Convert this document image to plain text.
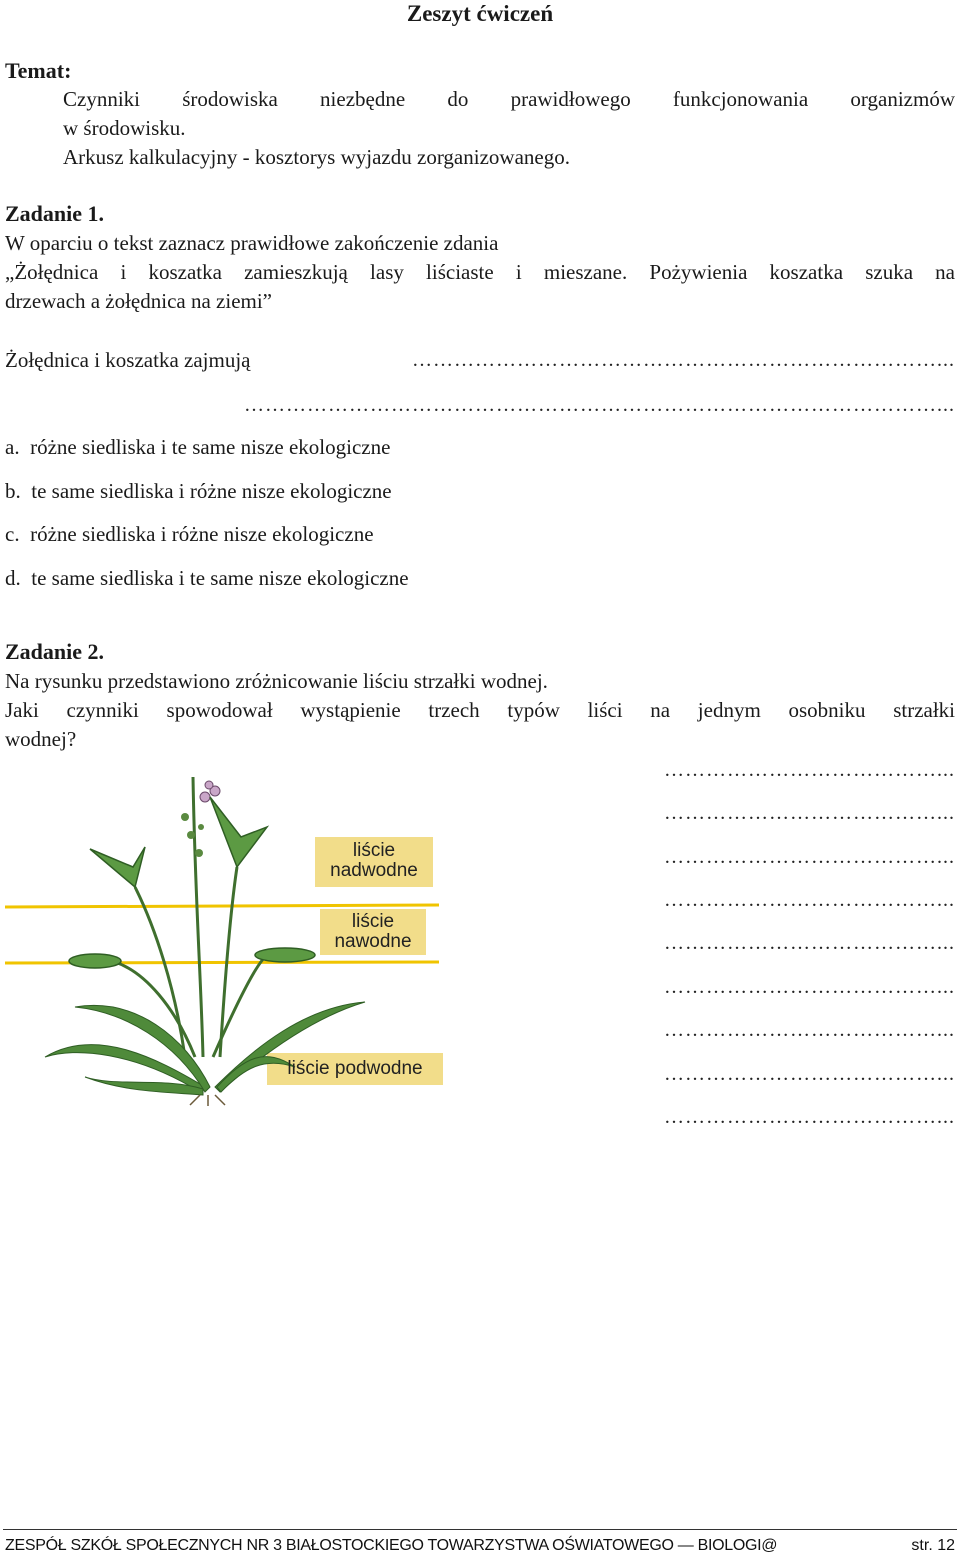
Zeszyt ćwiczeń
Temat:
Czynniki środowiska niezbędne do prawidłowego funkcjonowania organizmów
w środowisku.
Arkusz kalkulacyjny - kosztorys wyjazdu zorganizowanego.
Zadanie 1.
W oparciu o tekst zaznacz prawidłowe zakończenie zdania
„Żołędnica i koszatka zamieszkują lasy liściaste i mieszane. Pożywienia koszatka szuka na
drzewach a żołędnica na ziemi”
Żołędnica i koszatka zajmują	…………………………………………………………………...
………………………………………………………………………………………...
a. różne siedliska i te same nisze ekologiczne
b. te same siedliska i różne nisze ekologiczne
c. różne siedliska i różne nisze ekologiczne
d. te same siedliska i te same nisze ekologiczne
Zadanie 2.
Na rysunku przedstawiono zróżnicowanie liściu strzałki wodnej.
Jaki czynniki spowodował wystąpienie trzech typów liści na jednym osobniku strzałki
wodnej?
liście
nadwodne
liście
nawodne
liście podwodne
…………………………………...
…………………………………...
…………………………………...
…………………………………...
…………………………………...
…………………………………...
…………………………………...
…………………………………...
…………………………………...
ZESPÓŁ SZKÓŁ SPOŁECZNYCH NR 3 BIAŁOSTOCKIEGO TOWARZYSTWA OŚWIATOWEGO — BIOLOGI@	str. 12
